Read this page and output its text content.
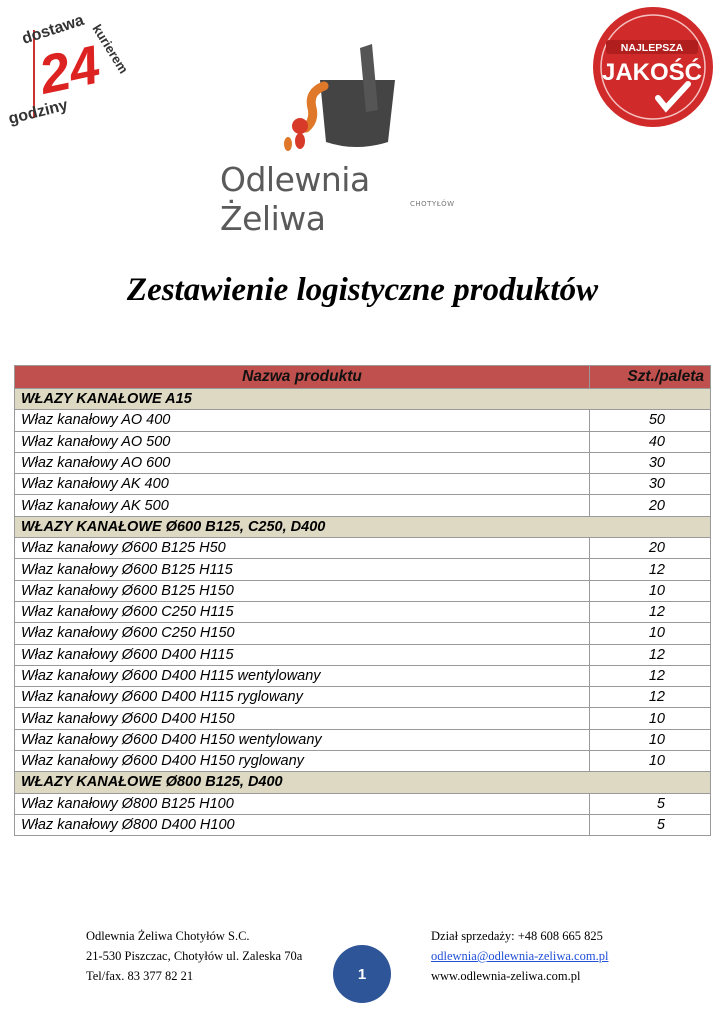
dostawa
24
godziny
kurierem	NAJLEPSZA
JAKOŚĆ
Odlewnia Żeliwa	CHOTYŁÓW
Zestawienie logistyczne produktów
Nazwa produktu	Szt./paleta
WŁAZY KANAŁOWE A15	
Właz kanałowy AO 400	50
Właz kanałowy AO 500	40
Właz kanałowy AO 600	30
Właz kanałowy AK 400	30
Właz kanałowy AK 500	20
WŁAZY KANAŁOWE Ø600 B125, C250, D400	
Właz kanałowy Ø600 B125 H50	20
Właz kanałowy Ø600 B125 H115	12
Właz kanałowy Ø600 B125 H150	10
Właz kanałowy Ø600 C250 H115	12
Właz kanałowy Ø600 C250 H150	10
Właz kanałowy Ø600 D400 H115	12
Właz kanałowy Ø600 D400 H115 wentylowany	12
Właz kanałowy Ø600 D400 H115 ryglowany	12
Właz kanałowy Ø600 D400 H150	10
Właz kanałowy Ø600 D400 H150 wentylowany	10
Właz kanałowy Ø600 D400 H150 ryglowany	10
WŁAZY KANAŁOWE Ø800 B125, D400	
Właz kanałowy Ø800 B125 H100	5
Właz kanałowy Ø800 D400 H100	5
Odlewnia Żeliwa Chotyłów S.C.
21-530 Piszczac, Chotyłów ul. Zaleska 70a
Tel/fax. 83 377 82 21	1
Dział sprzedaży: +48 608 665 825
odlewnia@odlewnia-zeliwa.com.pl
www.odlewnia-zeliwa.com.pl
